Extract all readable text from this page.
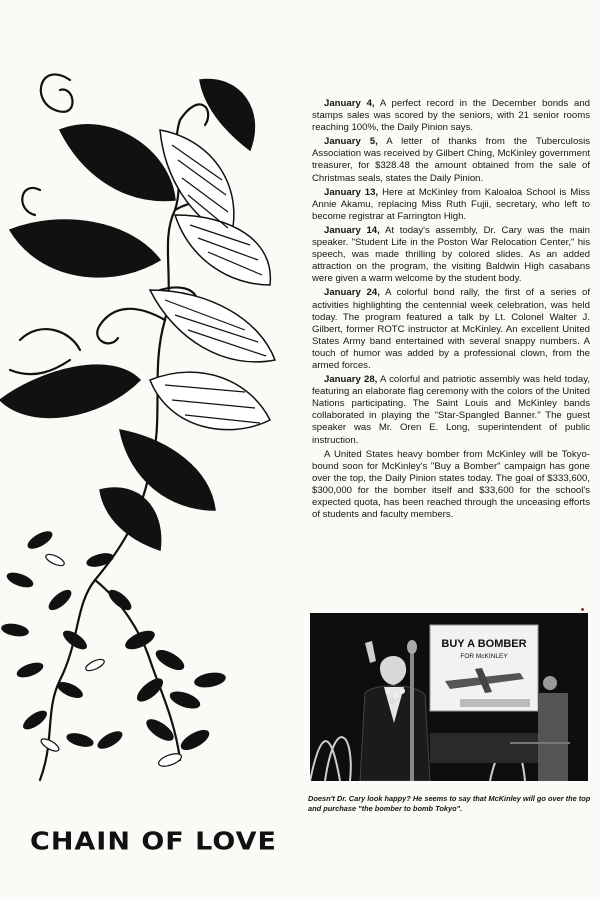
January 4, A perfect record in the December bonds and stamps sales was scored by the seniors, with 21 senior rooms reaching 100%, the Daily Pinion says.

January 5, A letter of thanks from the Tuberculosis Association was received by Gilbert Ching, McKinley government treasurer, for $328.48 the amount obtained from the sale of Christmas seals, states the Daily Pinion.

January 13, Here at McKinley from Kaloaloa School is Miss Annie Akamu, replacing Miss Ruth Fujii, secretary, who left to become registrar at Farrington High.

January 14, At today's assembly, Dr. Cary was the main speaker. "Student Life in the Poston War Relocation Center," his speech, was made thrilling by colored slides. As an added attraction on the program, the visiting Baldwin High casabans were given a warm welcome by the student body.

January 24, A colorful bond rally, the first of a series of activities highlighting the centennial week celebration, was held today. The program featured a talk by Lt. Colonel Walter J. Gilbert, former ROTC instructor at McKinley. An excellent United States Army band entertained with several snappy numbers. A touch of humor was added by a professional clown, from the armed forces.

January 28, A colorful and patriotic assembly was held today, featuring an elaborate flag ceremony with the colors of the United Nations participating. The Saint Louis and McKinley bands collaborated in playing the "Star-Spangled Banner." The guest speaker was Mr. Oren E. Long, superintendent of public instruction.

A United States heavy bomber from McKinley will be Tokyo-bound soon for McKinley's "Buy a Bomber" campaign has gone over the top, the Daily Pinion states today. The goal of $333,600, $300,000 for the bomber itself and $33,600 for the school's expected quota, has been reached through the unceasing efforts of students and faculty members.

BUY A BOMBER
FOR McKINLEY
Doesn't Dr. Cary look happy? He seems to say that McKinley will go over the top and purchase "the bomber to bomb Tokyo".
CHAIN OF LOVE
